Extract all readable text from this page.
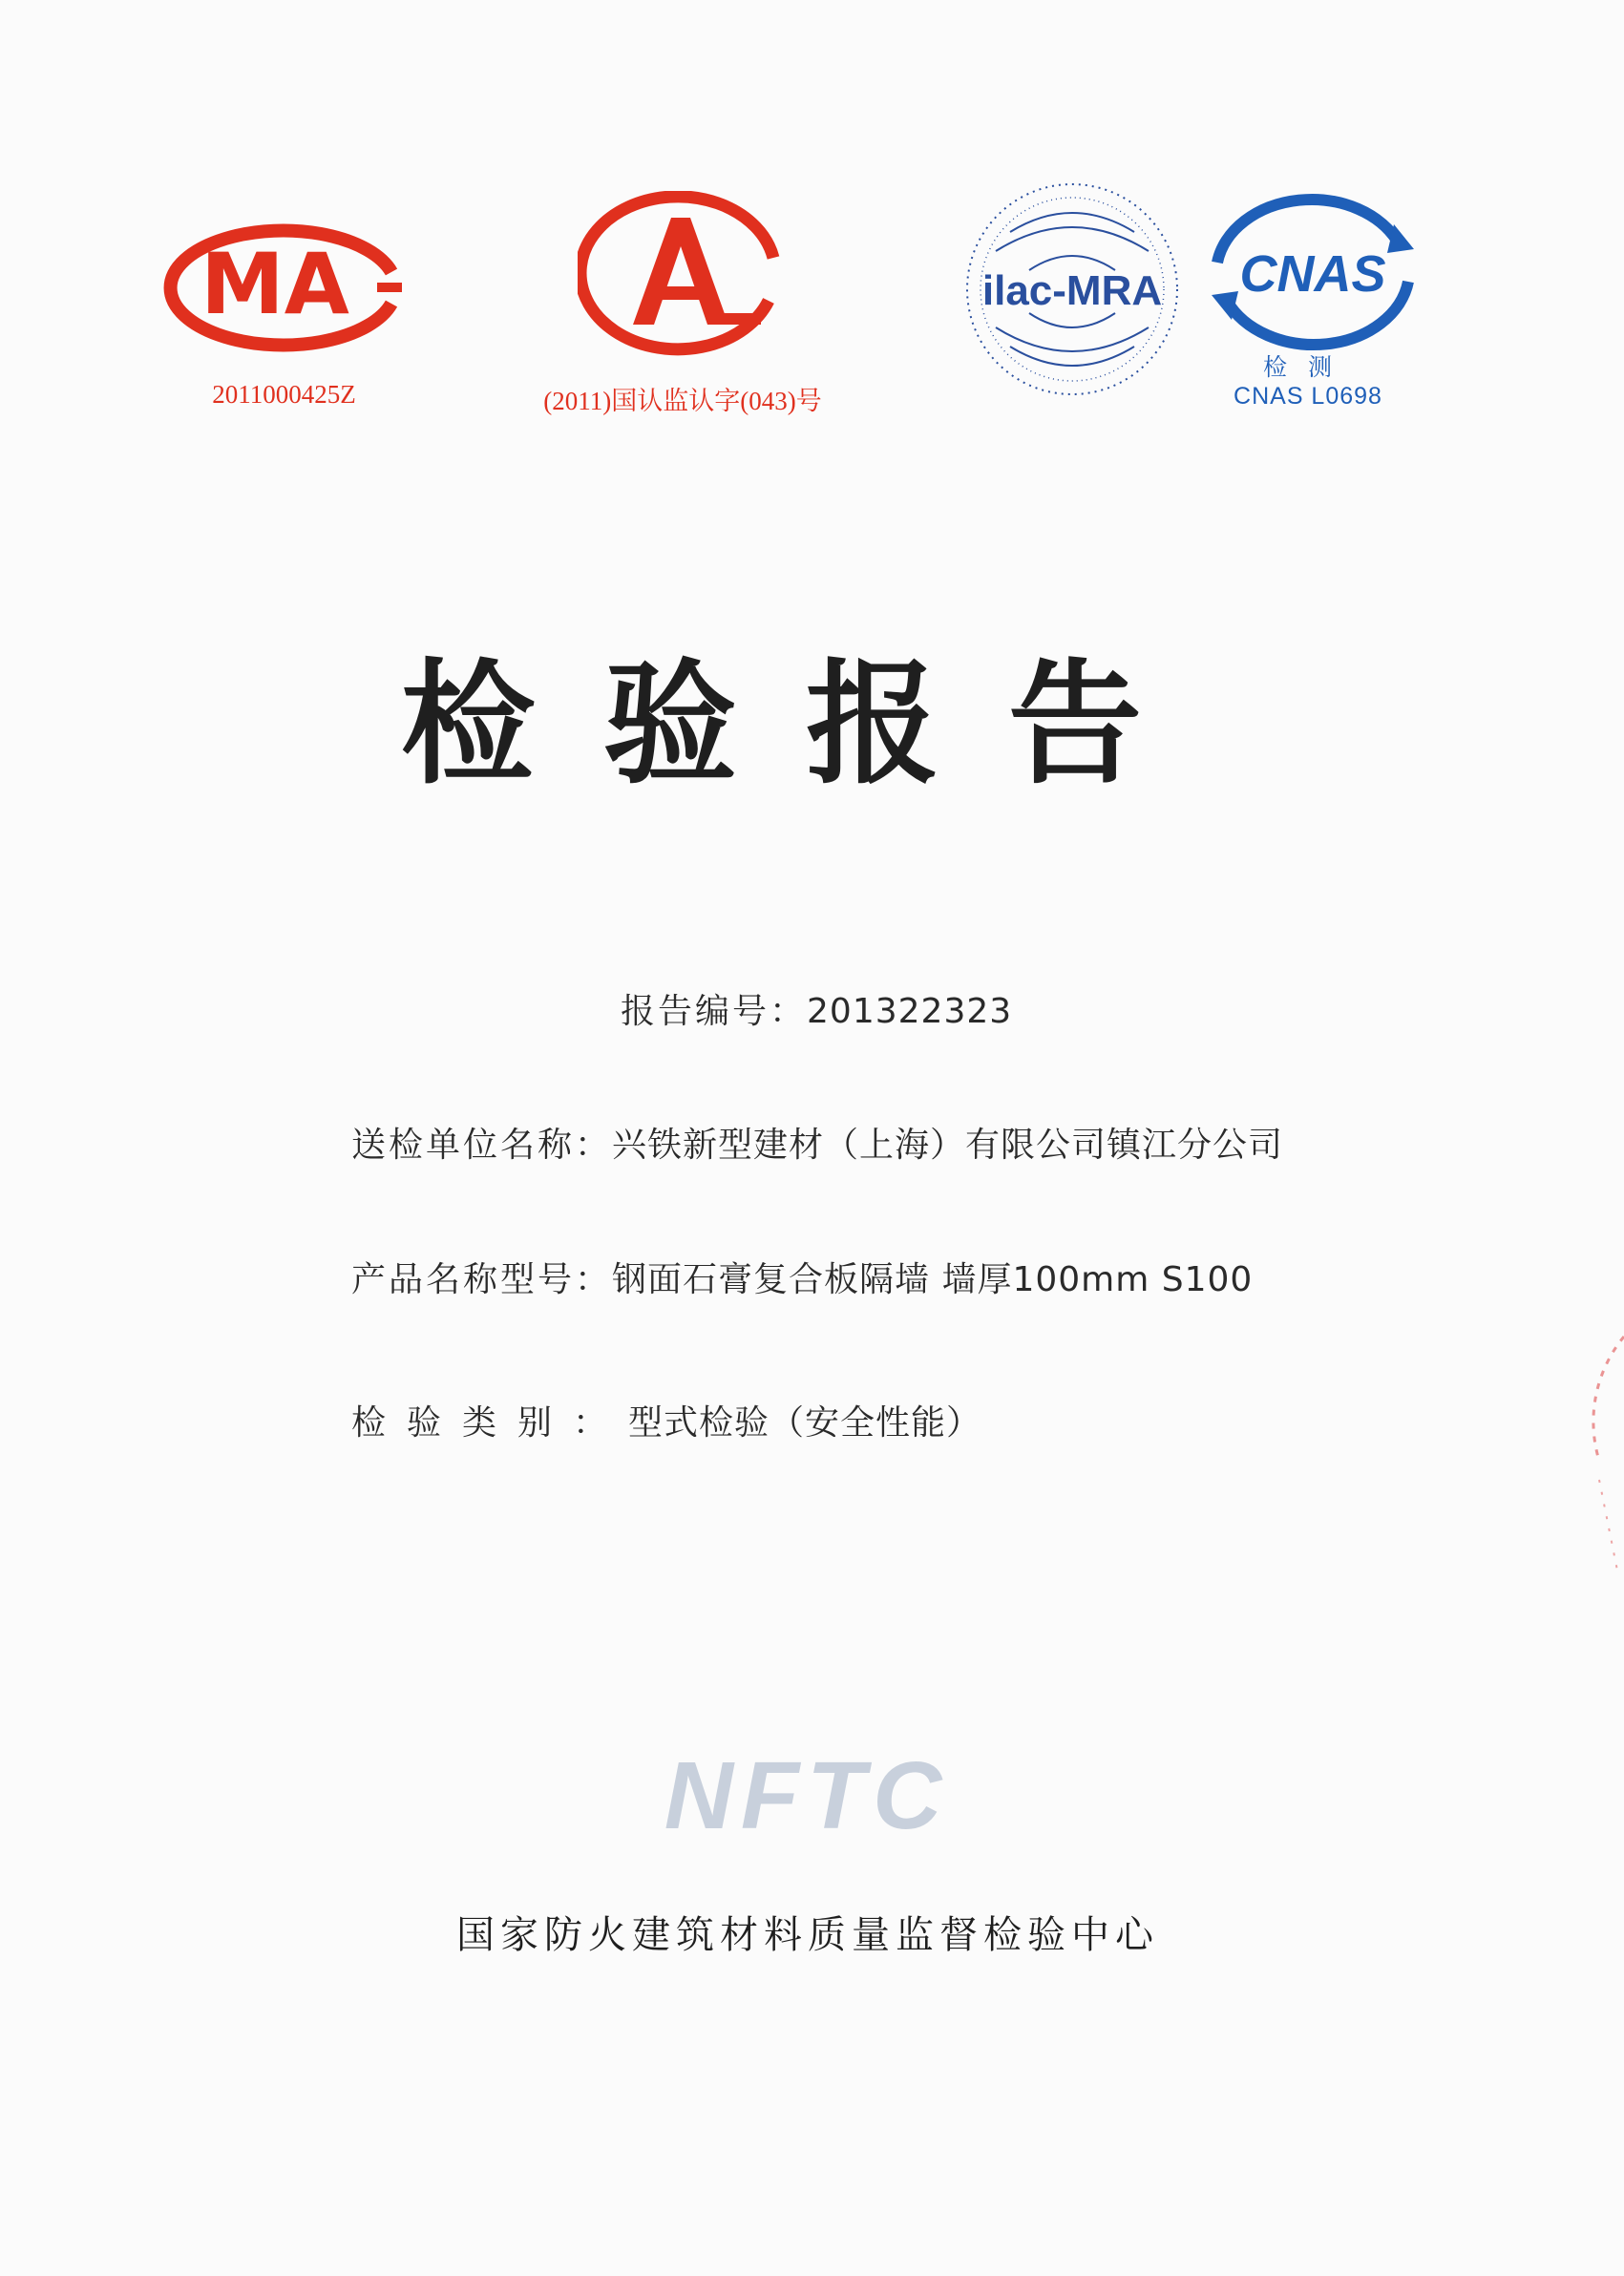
MA
2011000425Z	(2011)国认监认字(043)号
ilac-MRA CNAS
检测
CNAS L0698
检验报告
报告编号：201322323
送检单位名称：兴铁新型建材（上海）有限公司镇江分公司
产品名称型号：钢面石膏复合板隔墙 墙厚100mm S100
检验类别：型式检验（安全性能）
NFTC
国家防火建筑材料质量监督检验中心
